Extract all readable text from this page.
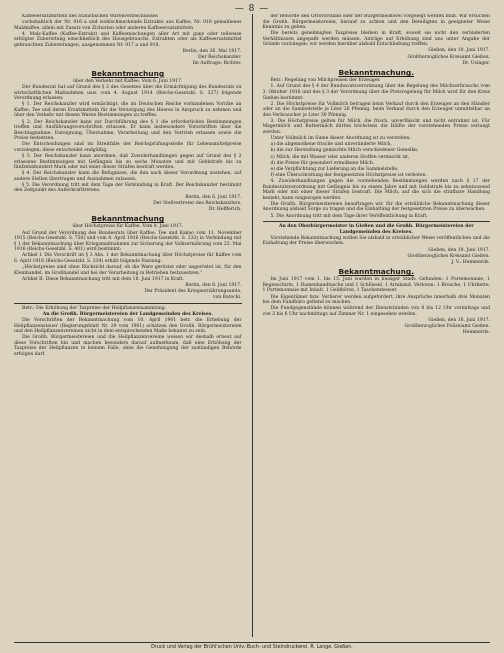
— 8 —
Kaffeeersatzmitteln des Statistischen Warenverzeichnisses
vorbehaltlich der Nr. 916 a und wohlschmeckende Extrakte aus Kaffee, Nr. 918 gemahlenes Malzkaffee, allein mit Zusatz von Zichorien oder anderen Kaffeeersatzmitteln
4. Malz-Kaffee (Kaffee-Extrakt) und Kaffeemischungen aller Art mit ganz oder teilweise erfolgter Zubereitung einschließlich des Hausgebrauchs, Extrakten oder als Kaffeeersatzmittel gebrauchten Zubereitungen, ausgenommen Nr. 917 a und 918.
Berlin, den 26. Mai 1917.
Der Reichskanzler.
Im Auftrage: Richter.
Bekanntmachung
über den Verkehr mit Kaffee. Vom 6. Juni 1917.
Der Bundesrat hat auf Grund des § 3 des Gesetzes über die Ermächtigung des Bundesrats zu wirtschaftlichen Maßnahmen usw. vom 4. August 1914 (Reichs-Gesetzbl. S. 327) folgende Verordnung erlassen:
§ 1. Der Reichskanzler wird ermächtigt, die im Deutschen Reiche vorhandenen Vorräte an Kaffee, Tee und deren Ersatzmitteln für die Versorgung des Heeres in Anspruch zu nehmen und über den Verkehr mit diesen Waren Bestimmungen zu treffen.
§ 2. Der Reichskanzler kann zur Durchführung des § 1 die erforderlichen Bestimmungen treffen und Ausführungsvorschriften erlassen. Er kann insbesondere Vorschriften über die Beschlagnahme, Enteignung, Übernahme, Verarbeitung und den Vertrieb erlassen sowie die Preise festsetzen.
Die Entscheidungen sind im Streitfalle der Reichsprüfungsstelle für Lebensmittelpreise vorzulegen; diese entscheidet endgültig.
§ 3. Der Reichskanzler kann anordnen, daß Zuwiderhandlungen gegen auf Grund des § 2 erlassene Bestimmungen mit Gefängnis bis zu sechs Monaten und mit Geldstrafe bis zu fünfzehnhundert Mark oder mit einer dieser Strafen bestraft werden.
§ 4. Der Reichskanzler kann die Befugnisse, die ihm nach dieser Verordnung zustehen, auf andere Stellen übertragen und Ausnahmen zulassen.
§ 5. Die Verordnung tritt mit dem Tage der Verkündung in Kraft. Der Reichskanzler bestimmt den Zeitpunkt des Außerkrafttretens.
Berlin, den 6. Juni 1917.
Der Stellvertreter des Reichskanzlers.
Dr. Helfferich.
Bekanntmachung
über Höchstpreise für Kaffee. Vom 8. Juni 1917.
Auf Grund der Verordnung des Bundesrats über Kaffee, Tee und Kakao vom 11. November 1915 (Reichs-Gesetzbl. S. 750) und vom 4. April 1916 (Reichs-Gesetzbl. S. 233) in Verbindung mit § 1 der Bekanntmachung über Kriegsmaßnahmen zur Sicherung der Volksernährung vom 22. Mai 1916 (Reichs-Gesetzbl. S. 401) wird bestimmt:
Artikel I. Die Vorschrift im § 3 Abs. 1 der Bekanntmachung über Höchstpreise für Kaffee vom 6. April 1916 (Reichs-Gesetzbl. S. 234) erhält folgende Fassung:
„Höchstpreise sind ohne Rücksicht darauf, ob die Ware geröstet oder ungeröstet ist, für den Kleinhandel, im Großhandel und bei der Verarbeitung in Betrieben festzusetzen.“
Artikel II. Diese Bekanntmachung tritt mit dem 18. Juni 1917 in Kraft.
Berlin, den 8. Juni 1917.
Der Präsident des Kriegsernährungsamts.
von Batocki.
Betr.: Die Erhöhung der Taxpreise der Heilpflanzensammlung.
An die Großh. Bürgermeistereien der Landgemeinden des Kreises.
Die Vorschriften der Bekanntmachung vom 10. April 1901 betr. die Erhebung der Heilpflanzensteuer (Regierungsblatt Nr. 29 vom 1901) schätzen den Großh. Bürgermeistereien und den Heilpflanzenvereinen nicht in dem entsprechenden Maße bekannt zu sein.
Die Großh. Bürgermeistereien und die Heilpflanzenvereine weisen wir deshalb erneut auf diese Vorschriften hin und machen besonders darauf aufmerksam, daß eine Erhöhung der Taxpreise der Heilpflanzen in keinem Falle, ohne die Genehmigung der zuständigen Behörde erfolgen darf.
der Behörde den Ortsvorstand oder der Bürgermeisterei vorgelegt werden muß. Wir ersuchen die Großh. Bürgermeistereien, hierauf zu achten und den Beteiligten in geeigneter Weise Kenntnis zu geben.
Die bereits genehmigten Taxpreise bleiben in Kraft, soweit sie nicht den veränderten Verhältnissen angepaßt werden müssen. Anträge auf Erhöhung sind uns unter Angabe der Gründe vorzulegen; wir werden hierüber alsbald Entschließung treffen.
Gießen, den 18. Juni 1917.
Großherzogliches Kreisamt Gießen.
Dr. Usinger.
Bekanntmachung.
Betr.: Regelung von Milchpreisen der Erzeuger.
1. Auf Grund des § 4 der Bundesratsverordnung über die Regelung des Milchverbrauchs vom 3. Oktober 1916 und des § 3 der Verordnung über die Preisregelung für Milch wird für den Kreis Gießen bestimmt:
2. Die Höchstpreise für Vollmilch betragen beim Verkauf durch den Erzeuger an den Händler oder an die Sammelstelle je Liter 26 Pfennig, beim Verkauf durch den Erzeuger unmittelbar an den Verbraucher je Liter 30 Pfennig.
3. Die Höchstpreise gelten für Milch, die frisch, unverfälscht und nicht entrahmt ist. Für Magermilch und Buttermilch dürfen höchstens die Hälfte der vorstehenden Preise verlangt werden.
Unter Vollmilch im Sinne dieser Anordnung ist zu verstehen:
a) die abgemolkene frische und unveränderte Milch,
b) die zur Herstellung gemischte Milch verschiedener Gemelke,
c) Milch, die mit Wasser oder anderen Stoffen vermischt ist,
d) die Preise für gesondert ermolkene Milch,
e) die Verpflichtung zur Lieferung an die Sammelstelle,
f) eine Überschreitung der festgesetzten Höchstpreise ist verboten.
4. Zuwiderhandlungen gegen die vorstehenden Bestimmungen werden nach § 17 der Bundesratsverordnung mit Gefängnis bis zu einem Jahre und mit Geldstrafe bis zu zehntausend Mark oder mit einer dieser Strafen bestraft. Die Milch, auf die sich die strafbare Handlung bezieht, kann eingezogen werden.
Die Großh. Bürgermeistereien beauftragen wir, für die ortsübliche Bekanntmachung dieser Anordnung alsbald Sorge zu tragen und die Einhaltung der festgesetzten Preise zu überwachen.
5. Die Anordnung tritt mit dem Tage ihrer Veröffentlichung in Kraft.
An den Oberbürgermeister in Gießen und die Großh. Bürgermeistereien der Landgemeinden des Kreises.
Vorstehende Bekanntmachung wollen Sie alsbald in ortsüblicher Weise veröffentlichen und die Einhaltung der Preise überwachen.
Gießen, den 19. Juni 1917.
Großherzogliches Kreisamt Gießen.
J. V.: Hemmerde.
Bekanntmachung.
Im Juni 1917 vom 1. bis 15. Juni wurden in hiesiger Stadt: Gefunden: 1 Portemonnaie, 1 Regenschirm, 1 Damenhandtasche und 1 Schlüssel, 1 Armband. Verloren: 1 Brosche, 1 Uhrkette, 1 Portemonnaie mit Inhalt, 1 Geldbörse, 1 Taschenmesser.
Die Eigentümer bzw. Verlierer werden aufgefordert, ihre Ansprüche innerhalb drei Monaten bei dem Fundbüro geltend zu machen.
Die Fundgegenstände können während der Dienststunden von 8 bis 12 Uhr vormittags und von 3 bis 6 Uhr nachmittags auf Zimmer Nr. 1 eingesehen werden.
Gießen, den 16. Juni 1917.
Großherzogliches Polizeiamt Gießen.
Hemmerde.
Druck und Verlag der Brühl'schen Univ.-Buch- und Steindruckerei. R. Lange, Gießen.
